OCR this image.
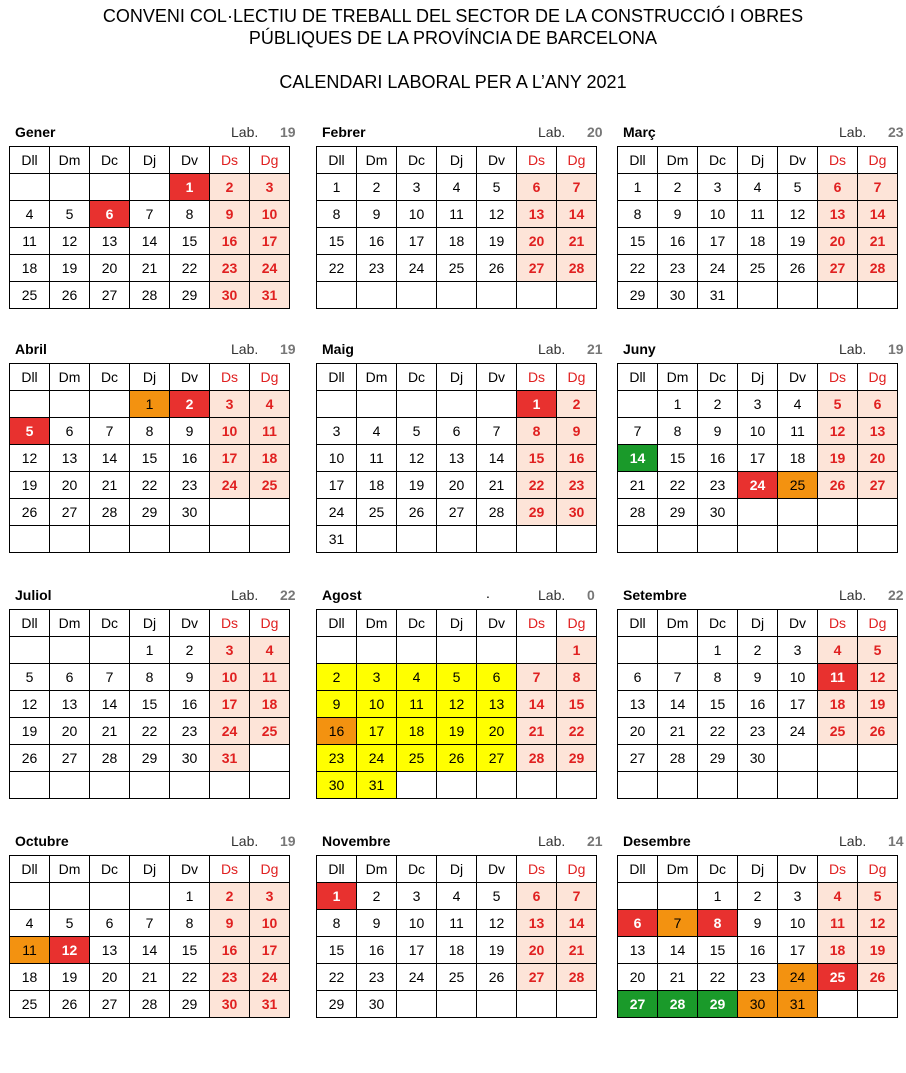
CONVENI COL·LECTIU DE TREBALL DEL SECTOR DE LA CONSTRUCCIÓ I OBRES
PÚBLIQUES DE LA PROVÍNCIA DE BARCELONA
CALENDARI LABORAL PER A L’ANY 2021
Gener	Lab. 19
Dll	Dm	Dc	Dj	Dv	Ds	Dg
				1	2	3
4	5	6	7	8	9	10
11	12	13	14	15	16	17
18	19	20	21	22	23	24
25	26	27	28	29	30	31
Febrer	Lab. 20
Dll	Dm	Dc	Dj	Dv	Ds	Dg
1	2	3	4	5	6	7
8	9	10	11	12	13	14
15	16	17	18	19	20	21
22	23	24	25	26	27	28

Març	Lab. 23
Dll	Dm	Dc	Dj	Dv	Ds	Dg
1	2	3	4	5	6	7
8	9	10	11	12	13	14
15	16	17	18	19	20	21
22	23	24	25	26	27	28
29	30	31				
Abril	Lab. 19
Dll	Dm	Dc	Dj	Dv	Ds	Dg
			1	2	3	4
5	6	7	8	9	10	11
12	13	14	15	16	17	18
19	20	21	22	23	24	25
26	27	28	29	30		

Maig	Lab. 21
Dll	Dm	Dc	Dj	Dv	Ds	Dg
					1	2
3	4	5	6	7	8	9
10	11	12	13	14	15	16
17	18	19	20	21	22	23
24	25	26	27	28	29	30
31						
Juny	Lab. 19
Dll	Dm	Dc	Dj	Dv	Ds	Dg
	1	2	3	4	5	6
7	8	9	10	11	12	13
14	15	16	17	18	19	20
21	22	23	24	25	26	27
28	29	30				

Juliol	Lab. 22
Dll	Dm	Dc	Dj	Dv	Ds	Dg
			1	2	3	4
5	6	7	8	9	10	11
12	13	14	15	16	17	18
19	20	21	22	23	24	25
26	27	28	29	30	31	

Agost	Lab. 0
.
Dll	Dm	Dc	Dj	Dv	Ds	Dg
						1
2	3	4	5	6	7	8
9	10	11	12	13	14	15
16	17	18	19	20	21	22
23	24	25	26	27	28	29
30	31					
Setembre	Lab. 22
Dll	Dm	Dc	Dj	Dv	Ds	Dg
		1	2	3	4	5
6	7	8	9	10	11	12
13	14	15	16	17	18	19
20	21	22	23	24	25	26
27	28	29	30			

Octubre	Lab. 19
Dll	Dm	Dc	Dj	Dv	Ds	Dg
				1	2	3
4	5	6	7	8	9	10
11	12	13	14	15	16	17
18	19	20	21	22	23	24
25	26	27	28	29	30	31
Novembre	Lab. 21
Dll	Dm	Dc	Dj	Dv	Ds	Dg
1	2	3	4	5	6	7
8	9	10	11	12	13	14
15	16	17	18	19	20	21
22	23	24	25	26	27	28
29	30					
Desembre	Lab. 14
Dll	Dm	Dc	Dj	Dv	Ds	Dg
		1	2	3	4	5
6	7	8	9	10	11	12
13	14	15	16	17	18	19
20	21	22	23	24	25	26
27	28	29	30	31		
